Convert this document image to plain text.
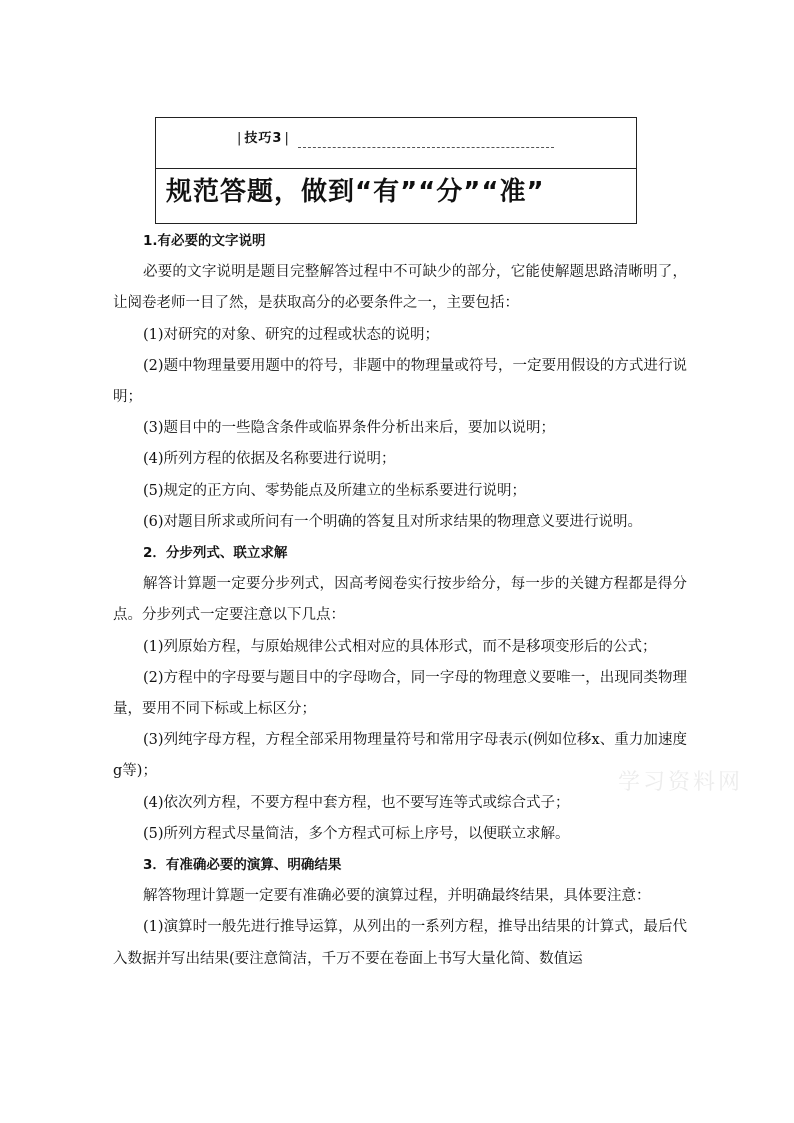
| 技巧3 |
规范答题，做到“有”“分”“准”

1.有必要的文字说明

必要的文字说明是题目完整解答过程中不可缺少的部分，它能使解题思路清晰明了，让阅卷老师一目了然，是获取高分的必要条件之一，主要包括：

(1)对研究的对象、研究的过程或状态的说明；

(2)题中物理量要用题中的符号，非题中的物理量或符号，一定要用假设的方式进行说明；

(3)题目中的一些隐含条件或临界条件分析出来后，要加以说明；

(4)所列方程的依据及名称要进行说明；

(5)规定的正方向、零势能点及所建立的坐标系要进行说明；

(6)对题目所求或所问有一个明确的答复且对所求结果的物理意义要进行说明。

2．分步列式、联立求解

解答计算题一定要分步列式，因高考阅卷实行按步给分，每一步的关键方程都是得分点。分步列式一定要注意以下几点：

(1)列原始方程，与原始规律公式相对应的具体形式，而不是移项变形后的公式；

(2)方程中的字母要与题目中的字母吻合，同一字母的物理意义要唯一，出现同类物理量，要用不同下标或上标区分；

(3)列纯字母方程，方程全部采用物理量符号和常用字母表示(例如位移x、重力加速度g等)；

(4)依次列方程，不要方程中套方程，也不要写连等式或综合式子；

(5)所列方程式尽量简洁，多个方程式可标上序号，以便联立求解。

3．有准确必要的演算、明确结果

解答物理计算题一定要有准确必要的演算过程，并明确最终结果，具体要注意：

(1)演算时一般先进行推导运算，从列出的一系列方程，推导出结果的计算式，最后代入数据并写出结果(要注意简洁，千万不要在卷面上书写大量化简、数值运

学习资料网
